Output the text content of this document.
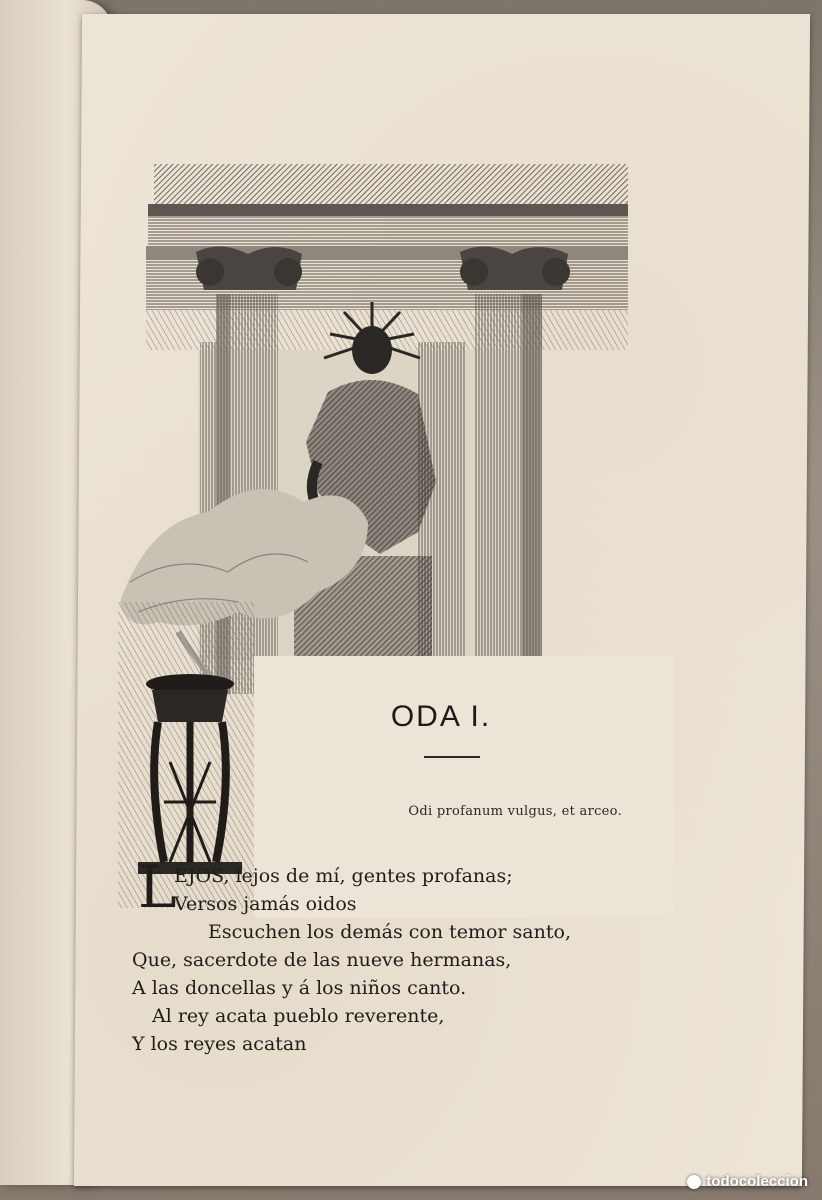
ODA I.
Odi profanum vulgus, et arceo.
L
EJOS, lejos de mí, gentes profanas;
Versos jamás oidos
Escuchen los demás con temor santo,
Que, sacerdote de las nueve hermanas,
A las doncellas y á los niños canto.
Al rey acata pueblo reverente,
Y los reyes acatan
todocoleccion
